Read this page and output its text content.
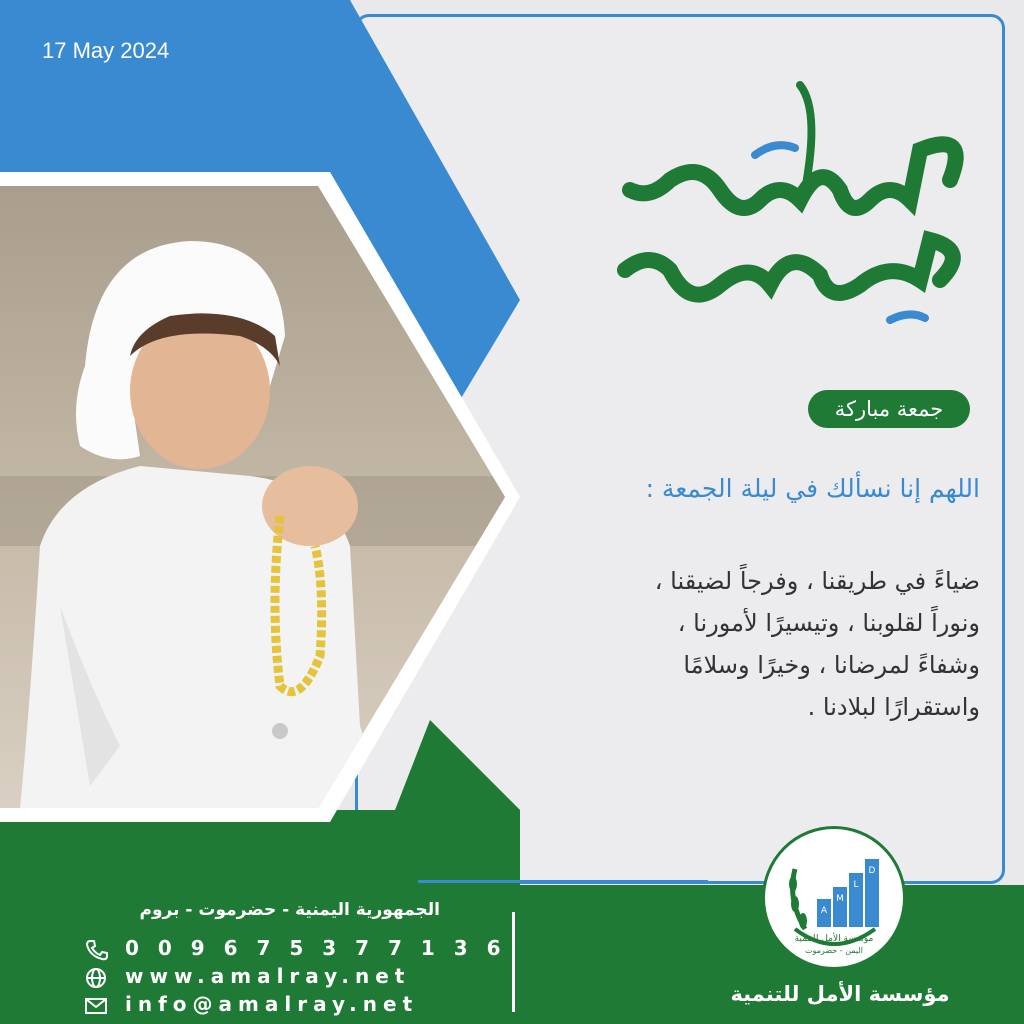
17 May 2024
مساء جمعة
جمعة مباركة
اللهم إنا نسألك في ليلة الجمعة :
ضياءً في طريقنا ، وفرجاً لضيقنا ،
ونوراً لقلوبنا ، وتيسيرًا لأمورنا ،
وشفاءً لمرضانا ، وخيرًا وسلامًا
واستقرارًا لبلادنا .
الجمهورية اليمنية - حضرموت - بروم
0 0 9 6 7 5 3 7 7 1 3 6
www.amalray.net
info@amalray.net
A
M
L
D
مؤسسة الأمل للتنمية
اليمن - حضرموت
مؤسسة الأمل للتنمية
